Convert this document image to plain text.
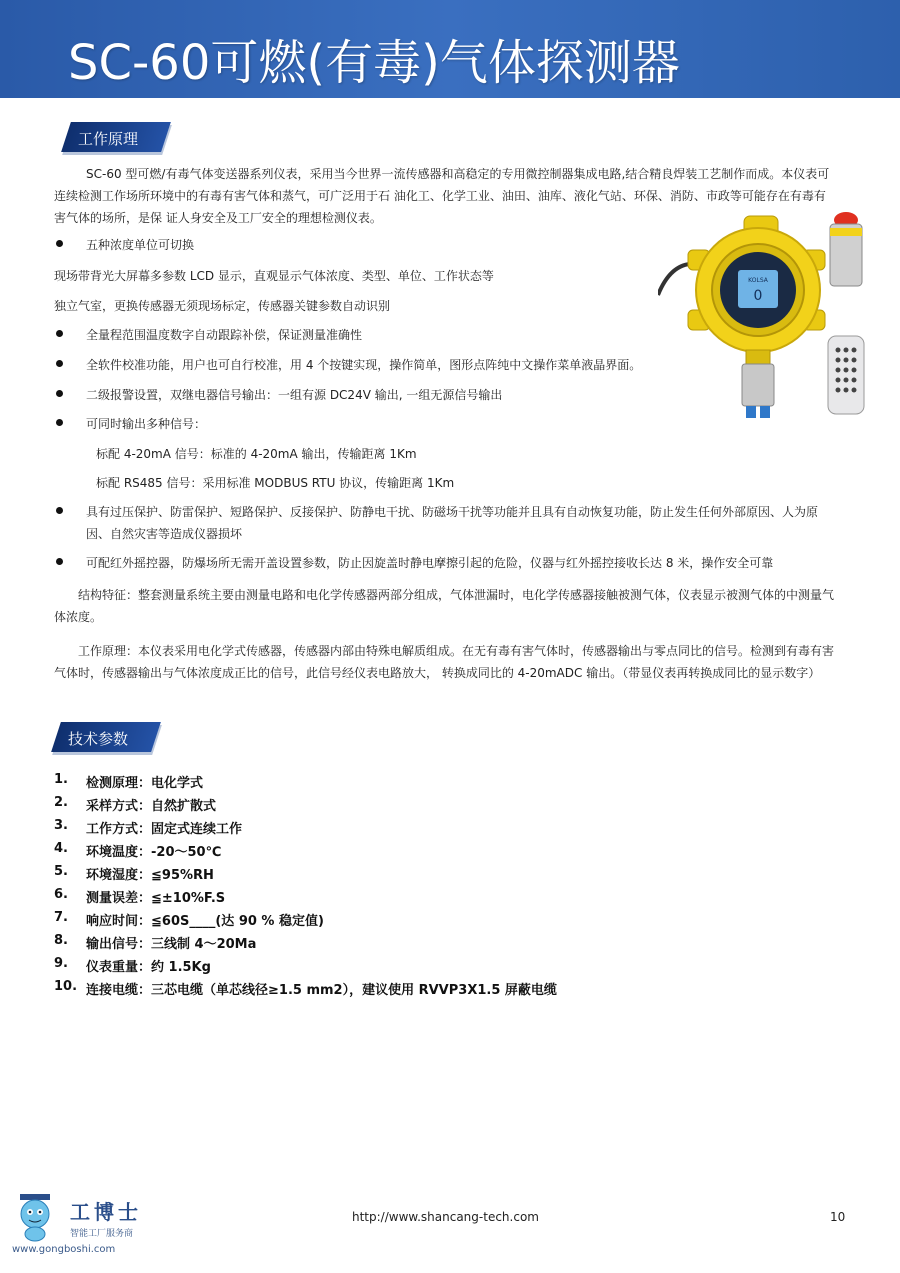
SC-60可燃(有毒)气体探测器
工作原理
SC-60 型可燃/有毒气体变送器系列仪表，采用当今世界一流传感器和高稳定的专用微控制器集成电路,结合精良焊装工艺制作而成。本仪表可
连续检测工作场所环境中的有毒有害气体和蒸气，可广泛用于石 油化工、化学工业、油田、油库、液化气站、环保、消防、市政等可能存在有毒有
害气体的场所，是保 证人身安全及工厂安全的理想检测仪表。
五种浓度单位可切换
现场带背光大屏幕多参数 LCD 显示，直观显示气体浓度、类型、单位、工作状态等
独立气室，更换传感器无须现场标定，传感器关键参数自动识别
全量程范围温度数字自动跟踪补偿，保证测量准确性
全软件校准功能，用户也可自行校准，用 4 个按键实现，操作简单，图形点阵纯中文操作菜单液晶界面。
二级报警设置，双继电器信号输出：一组有源 DC24V 输出, 一组无源信号输出
可同时输出多种信号：
标配 4-20mA 信号：标准的 4-20mA 输出，传输距离 1Km
标配 RS485 信号：采用标准 MODBUS RTU 协议，传输距离 1Km
具有过压保护、防雷保护、短路保护、反接保护、防静电干扰、防磁场干扰等功能并且具有自动恢复功能，防止发生任何外部原因、人为原
因、自然灾害等造成仪器损坏
可配红外摇控器，防爆场所无需开盖设置参数，防止因旋盖时静电摩擦引起的危险，仪器与红外摇控接收长达 8 米，操作安全可靠
结构特征：整套测量系统主要由测量电路和电化学传感器两部分组成，气体泄漏时，电化学传感器接触被测气体，仪表显示被测气体的中测量气
体浓度。
工作原理：本仪表采用电化学式传感器，传感器内部由特殊电解质组成。在无有毒有害气体时，传感器输出与零点同比的信号。检测到有毒有害
气体时，传感器输出与气体浓度成正比的信号，此信号经仪表电路放大， 转换成同比的 4-20mADC 输出。（带显仪表再转换成同比的显示数字）
技术参数
1.	检测原理：电化学式
2.	采样方式：自然扩散式
3.	工作方式：固定式连续工作
4.	环境温度：-20～50℃
5.	环境湿度：≦95%RH
6.	测量误差：≦±10%F.S
7.	响应时间：≦60S____(达 90 % 稳定值)
8.	输出信号：三线制 4～20Ma
9.	仪表重量：约 1.5Kg
10. 连接电缆：三芯电缆（单芯线径≥1.5 mm2），建议使用 RVVP3X1.5 屏蔽电缆
KOLSA
0
http://www.shancang-tech.com	10
工博士
智能工厂服务商
www.gongboshi.com
